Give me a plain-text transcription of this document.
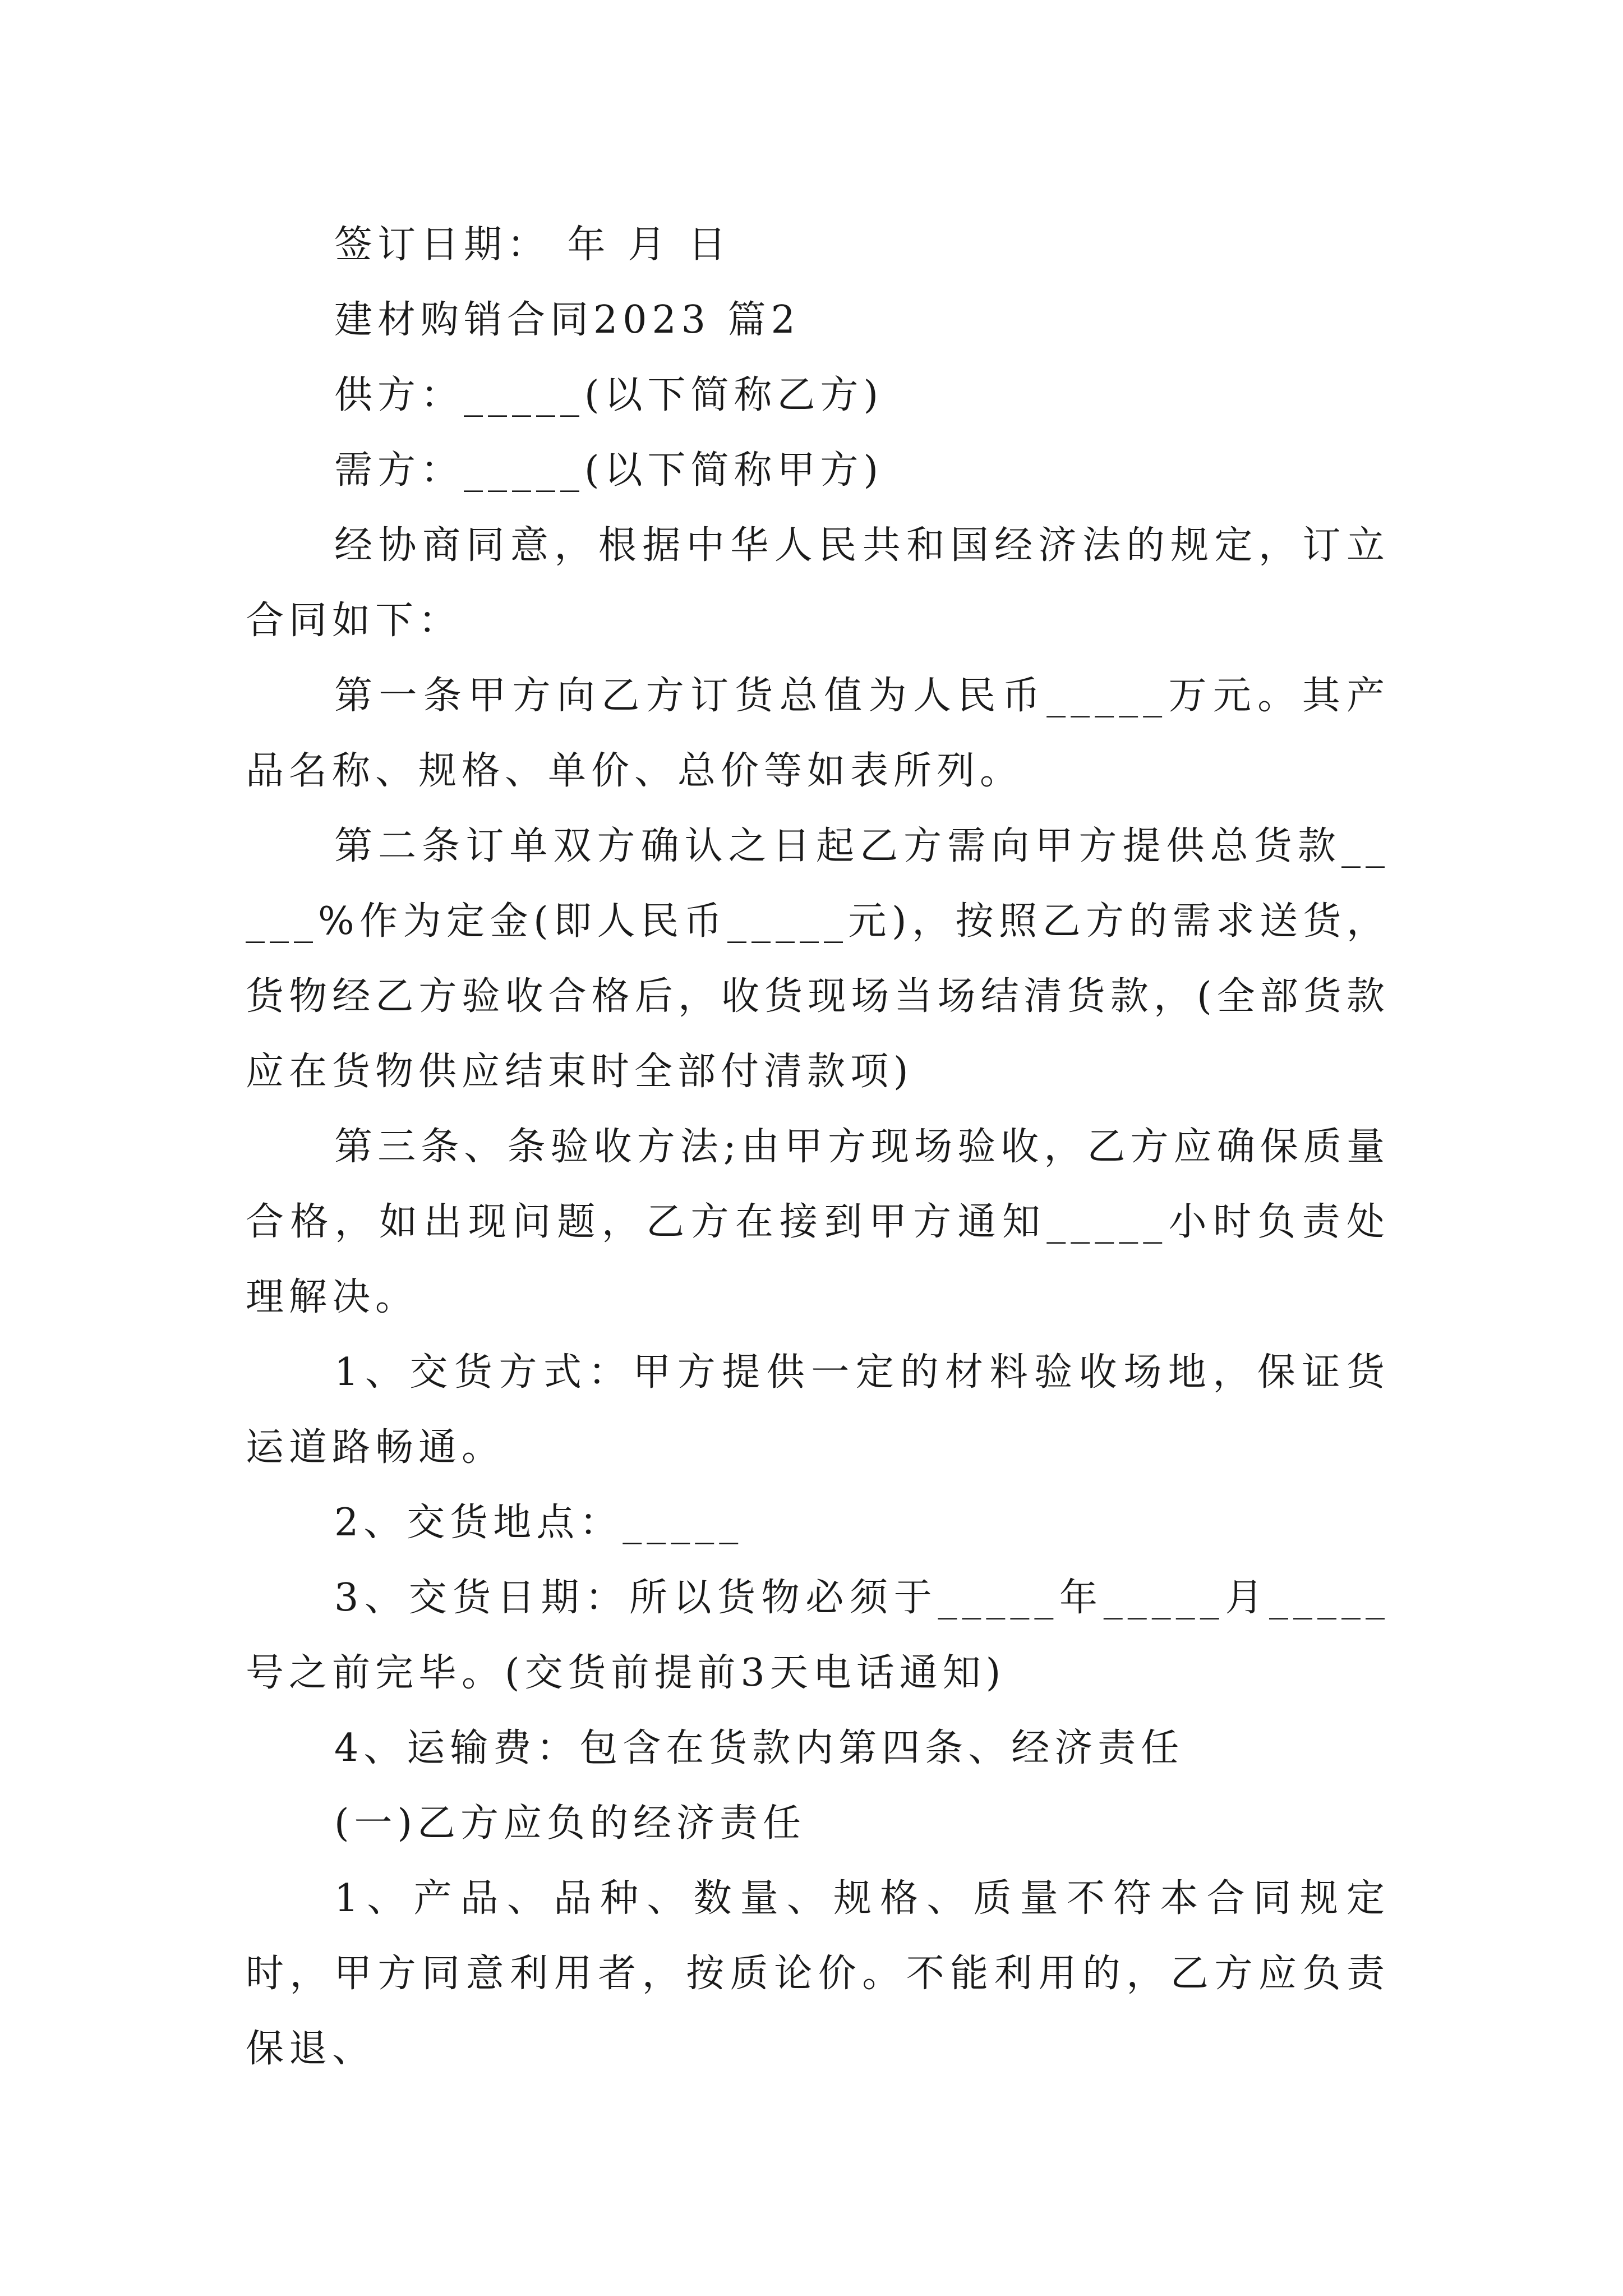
签订日期： 年 月 日

建材购销合同2023 篇2

供方：_____(以下简称乙方)

需方：_____(以下简称甲方)

经协商同意，根据中华人民共和国经济法的规定，订立合同如下：

第一条甲方向乙方订货总值为人民币_____万元。其产品名称、规格、单价、总价等如表所列。

第二条订单双方确认之日起乙方需向甲方提供总货款_____%作为定金(即人民币_____元)，按照乙方的需求送货，货物经乙方验收合格后，收货现场当场结清货款，(全部货款应在货物供应结束时全部付清款项)

第三条、条验收方法;由甲方现场验收，乙方应确保质量合格，如出现问题，乙方在接到甲方通知_____小时负责处理解决。

1、交货方式：甲方提供一定的材料验收场地，保证货运道路畅通。

2、交货地点：_____

3、交货日期：所以货物必须于_____年_____月_____号之前完毕。(交货前提前3天电话通知)

4、运输费：包含在货款内第四条、经济责任

(一)乙方应负的经济责任

1、产品、品种、数量、规格、质量不符本合同规定时，甲方同意利用者，按质论价。不能利用的，乙方应负责保退、
